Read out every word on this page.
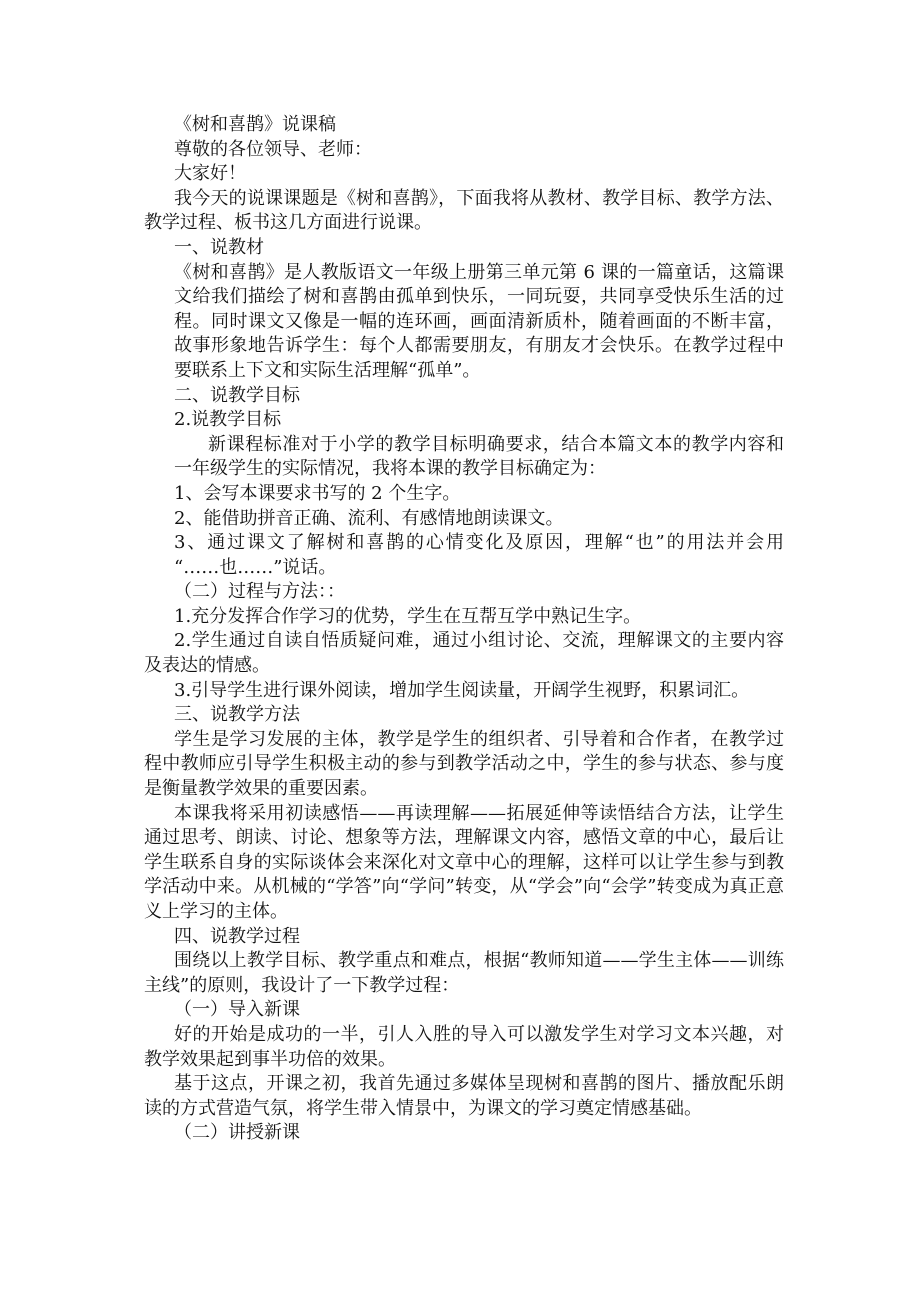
《树和喜鹊》说课稿
尊敬的各位领导、老师：
大家好！
我今天的说课课题是《树和喜鹊》，下面我将从教材、教学目标、教学方法、
教学过程、板书这几方面进行说课。
一、说教材
《树和喜鹊》是人教版语文一年级上册第三单元第 6 课的一篇童话，这篇课
文给我们描绘了树和喜鹊由孤单到快乐，一同玩耍，共同享受快乐生活的过
程。同时课文又像是一幅的连环画，画面清新质朴，随着画面的不断丰富，
故事形象地告诉学生：每个人都需要朋友，有朋友才会快乐。在教学过程中
要联系上下文和实际生活理解“孤单”。
二、说教学目标
2.说教学目标
新课程标准对于小学的教学目标明确要求，结合本篇文本的教学内容和
一年级学生的实际情况，我将本课的教学目标确定为：
1、会写本课要求书写的 2 个生字。
2、能借助拼音正确、流利、有感情地朗读课文。
3、通过课文了解树和喜鹊的心情变化及原因，理解“也”的用法并会用
“……也……”说话。
（二）过程与方法：：
1.充分发挥合作学习的优势，学生在互帮互学中熟记生字。
2.学生通过自读自悟质疑问难，通过小组讨论、交流，理解课文的主要内容
及表达的情感。
3.引导学生进行课外阅读，增加学生阅读量，开阔学生视野，积累词汇。
三、说教学方法
学生是学习发展的主体，教学是学生的组织者、引导着和合作者，在教学过
程中教师应引导学生积极主动的参与到教学活动之中，学生的参与状态、参与度
是衡量教学效果的重要因素。
本课我将采用初读感悟——再读理解——拓展延伸等读悟结合方法，让学生
通过思考、朗读、讨论、想象等方法，理解课文内容，感悟文章的中心，最后让
学生联系自身的实际谈体会来深化对文章中心的理解，这样可以让学生参与到教
学活动中来。从机械的“学答”向“学问”转变，从“学会”向“会学”转变成为真正意
义上学习的主体。
四、说教学过程
围绕以上教学目标、教学重点和难点，根据“教师知道——学生主体——训练
主线”的原则，我设计了一下教学过程：
（一）导入新课
好的开始是成功的一半，引人入胜的导入可以激发学生对学习文本兴趣，对
教学效果起到事半功倍的效果。
基于这点，开课之初，我首先通过多媒体呈现树和喜鹊的图片、播放配乐朗
读的方式营造气氛，将学生带入情景中，为课文的学习奠定情感基础。
（二）讲授新课
